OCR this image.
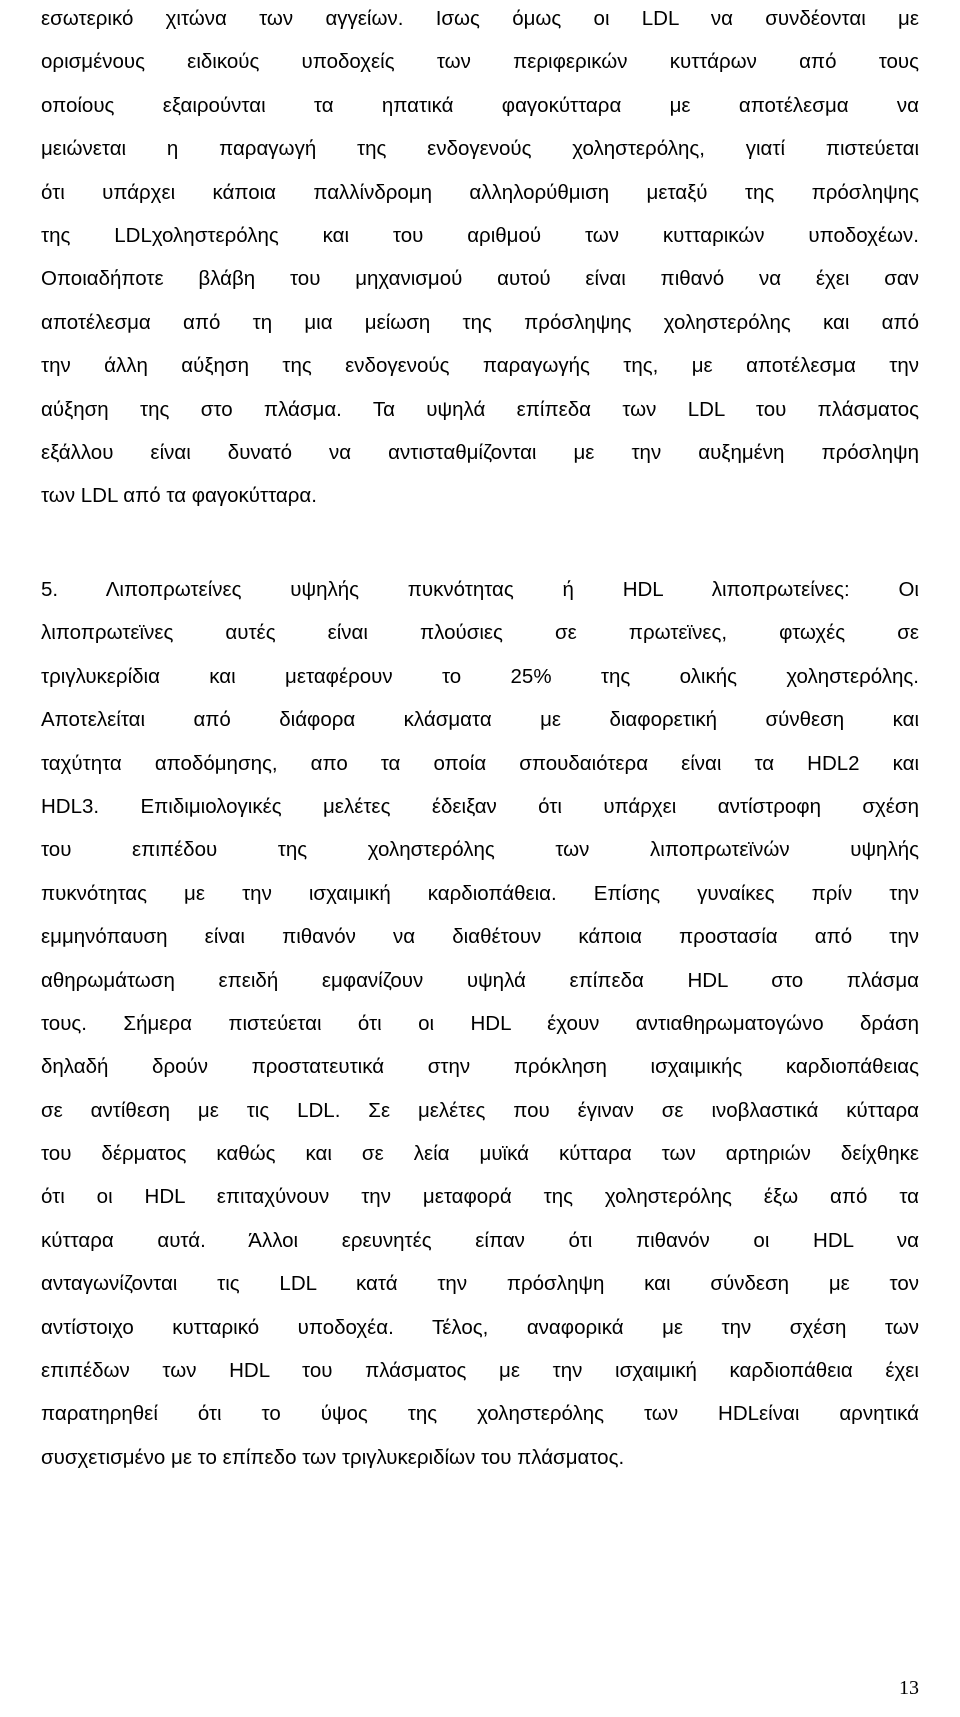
εσωτερικό χιτώνα των αγγείων. Ισως όμως οι LDL να συνδέονται με
ορισμένους ειδικούς υποδοχείς των περιφερικών κυττάρων από τους
οποίους εξαιρούνται τα ηπατικά φαγοκύτταρα με αποτέλεσμα να
μειώνεται η παραγωγή της ενδογενούς χοληστερόλης, γιατί πιστεύεται
ότι υπάρχει κάποια παλλίνδρομη αλληλορύθμιση μεταξύ της πρόσληψης
της LDLχοληστερόλης και του αριθμού των κυτταρικών υποδοχέων.
Οποιαδήποτε βλάβη του μηχανισμού αυτού είναι πιθανό να έχει σαν
αποτέλεσμα από τη μια μείωση της πρόσληψης χοληστερόλης και από
την άλλη αύξηση της ενδογενούς παραγωγής της, με αποτέλεσμα την
αύξηση της στο πλάσμα. Τα υψηλά επίπεδα των LDL του πλάσματος
εξάλλου είναι δυνατό να αντισταθμίζονται με την αυξημένη πρόσληψη
των LDL από τα φαγοκύτταρα.
5. Λιποπρωτείνες υψηλής πυκνότητας ή HDL λιποπρωτείνες: Οι
λιποπρωτεϊνες αυτές είναι πλούσιες σε πρωτεϊνες, φτωχές σε
τριγλυκερίδια και μεταφέρουν το 25% της ολικής χοληστερόλης.
Αποτελείται από διάφορα κλάσματα με διαφορετική σύνθεση και
ταχύτητα αποδόμησης, απο τα οποία σπουδαιότερα είναι τα HDL2 και
HDL3. Επιδιμιολογικές μελέτες έδειξαν ότι υπάρχει αντίστροφη σχέση
του επιπέδου της χοληστερόλης των λιποπρωτεϊνών υψηλής
πυκνότητας με την ισχαιμική καρδιοπάθεια. Επίσης γυναίκες πρίν την
εμμηνόπαυση είναι πιθανόν να διαθέτουν κάποια προστασία από την
αθηρωμάτωση επειδή εμφανίζουν υψηλά επίπεδα HDL στο πλάσμα
τους. Σήμερα πιστεύεται ότι οι HDL έχουν αντιαθηρωματογώνο δράση
δηλαδή δρούν προστατευτικά στην πρόκληση ισχαιμικής καρδιοπάθειας
σε αντίθεση με τις LDL. Σε μελέτες που έγιναν σε ινοβλαστικά κύτταρα
του δέρματος καθώς και σε λεία μυϊκά κύτταρα των αρτηριών δείχθηκε
ότι οι HDL επιταχύνουν την μεταφορά της χοληστερόλης έξω από τα
κύτταρα αυτά. Άλλοι ερευνητές είπαν ότι πιθανόν οι HDL να
ανταγωνίζονται τις LDL κατά την πρόσληψη και σύνδεση με τον
αντίστοιχο κυτταρικό υποδοχέα. Τέλος, αναφορικά με την σχέση των
επιπέδων των HDL του πλάσματος με την ισχαιμική καρδιοπάθεια έχει
παρατηρηθεί ότι το ύψος της χοληστερόλης των HDLείναι αρνητικά
συσχετισμένο με το επίπεδο των τριγλυκεριδίων του πλάσματος.
13
